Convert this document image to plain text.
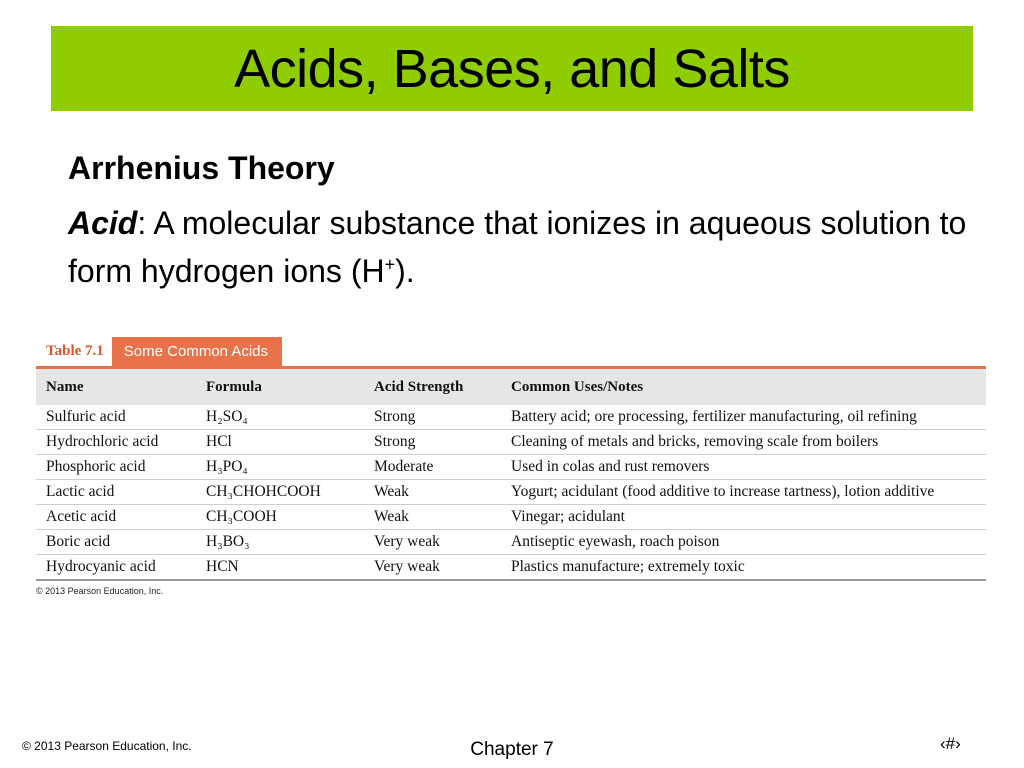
Acids, Bases, and Salts

Arrhenius Theory

Acid: A molecular substance that ionizes in aqueous solution to form hydrogen ions (H+).

Table 7.1	Some Common Acids
Name	Formula	Acid Strength	Common Uses/Notes
Sulfuric acid	H₂SO₄	Strong	Battery acid; ore processing, fertilizer manufacturing, oil refining
Hydrochloric acid	HCl	Strong	Cleaning of metals and bricks, removing scale from boilers
Phosphoric acid	H₃PO₄	Moderate	Used in colas and rust removers
Lactic acid	CH₃CHOHCOOH	Weak	Yogurt; acidulant (food additive to increase tartness), lotion additive
Acetic acid	CH₃COOH	Weak	Vinegar; acidulant
Boric acid	H₃BO₃	Very weak	Antiseptic eyewash, roach poison
Hydrocyanic acid	HCN	Very weak	Plastics manufacture; extremely toxic
© 2013 Pearson Education, Inc.
© 2013 Pearson Education, Inc.	Chapter 7	‹#›
